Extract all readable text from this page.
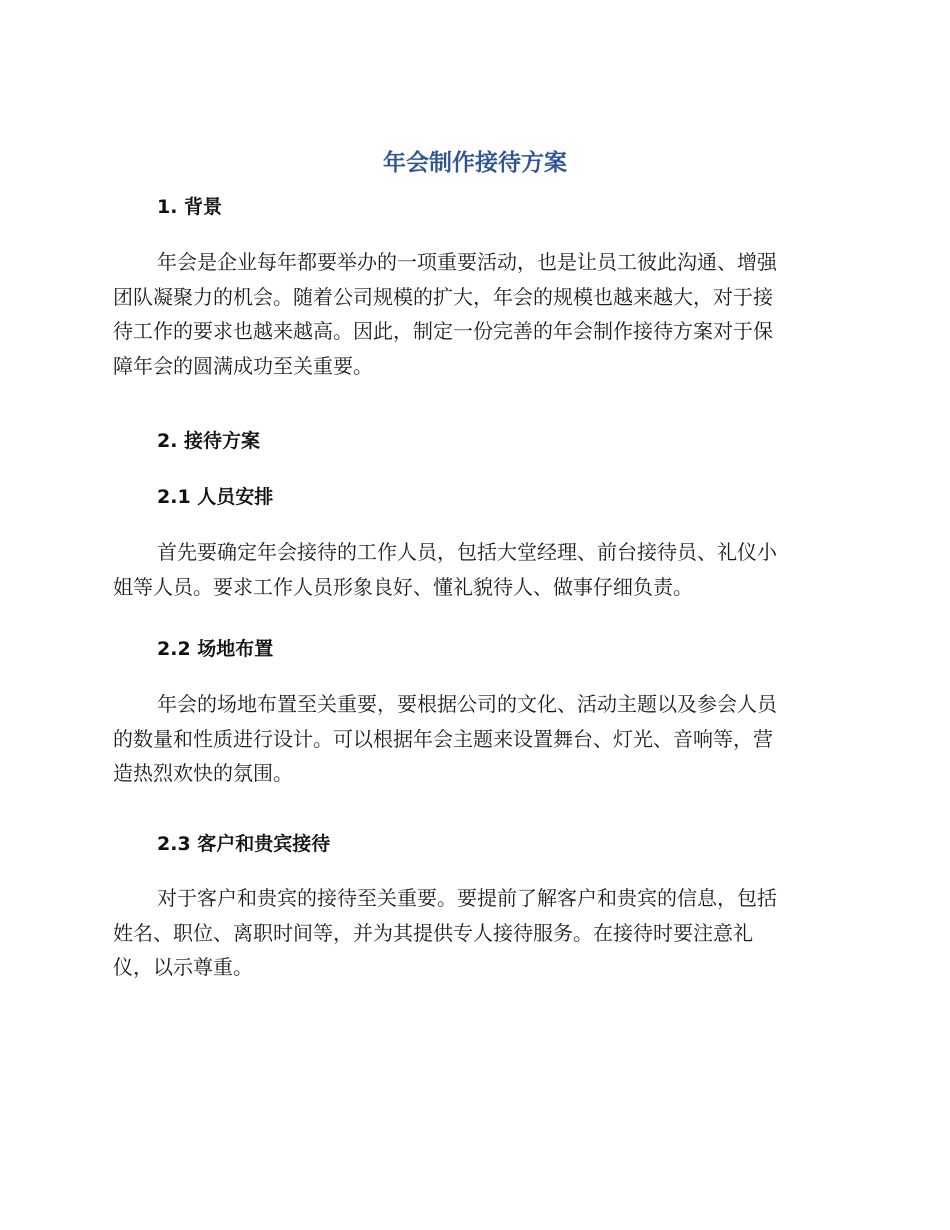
年会制作接待方案
1. 背景

年会是企业每年都要举办的一项重要活动，也是让员工彼此沟通、增强
团队凝聚力的机会。随着公司规模的扩大，年会的规模也越来越大，对于接
待工作的要求也越来越高。因此，制定一份完善的年会制作接待方案对于保
障年会的圆满成功至关重要。

2. 接待方案
2.1 人员安排

首先要确定年会接待的工作人员，包括大堂经理、前台接待员、礼仪小
姐等人员。要求工作人员形象良好、懂礼貌待人、做事仔细负责。

2.2 场地布置

年会的场地布置至关重要，要根据公司的文化、活动主题以及参会人员
的数量和性质进行设计。可以根据年会主题来设置舞台、灯光、音响等，营
造热烈欢快的氛围。

2.3 客户和贵宾接待

对于客户和贵宾的接待至关重要。要提前了解客户和贵宾的信息，包括
姓名、职位、离职时间等，并为其提供专人接待服务。在接待时要注意礼
仪，以示尊重。
